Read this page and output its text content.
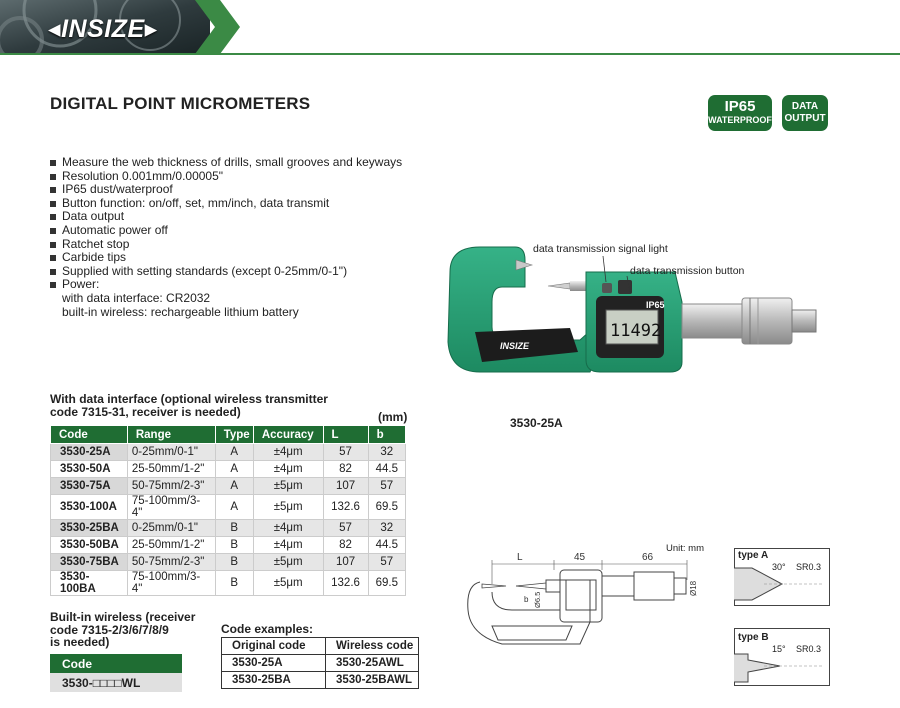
◂INSIZE▸
DIGITAL POINT MICROMETERS	IP65
WATERPROOF
DATA
OUTPUT
Measure the web thickness of drills, small grooves and keyways
Resolution 0.001mm/0.00005"
IP65 dust/waterproof
Button function: on/off, set, mm/inch, data transmit
Data output
Automatic power off
Ratchet stop
Carbide tips
Supplied with setting standards (except 0-25mm/0-1")
Power:
with data interface: CR2032
built-in wireless: rechargeable lithium battery
INSIZE
11492
IP65
data transmission signal light
data transmission button
3530-25A
With data interface (optional wireless transmitter
code 7315-31, receiver is needed)	(mm)
Code	Range	Type	Accuracy	L	b
3530-25A	0-25mm/0-1"	A	±4μm	57	32
3530-50A	25-50mm/1-2"	A	±4μm	82	44.5
3530-75A	50-75mm/2-3"	A	±5μm	107	57
3530-100A	75-100mm/3-4"	A	±5μm	132.6	69.5
3530-25BA	0-25mm/0-1"	B	±4μm	57	32
3530-50BA	25-50mm/1-2"	B	±4μm	82	44.5
3530-75BA	50-75mm/2-3"	B	±5μm	107	57
3530-100BA	75-100mm/3-4"	B	±5μm	132.6	69.5
Built-in wireless (receiver
code 7315-2/3/6/7/8/9
is needed)
Code
3530-□□□□WL
Code examples:
Original code	Wireless code
3530-25A	3530-25AWL
3530-25BA	3530-25BAWL
L	45	66
b Ø6.5
Ø18
Unit: mm
type A
30° SR0.3
type B
15° SR0.3
